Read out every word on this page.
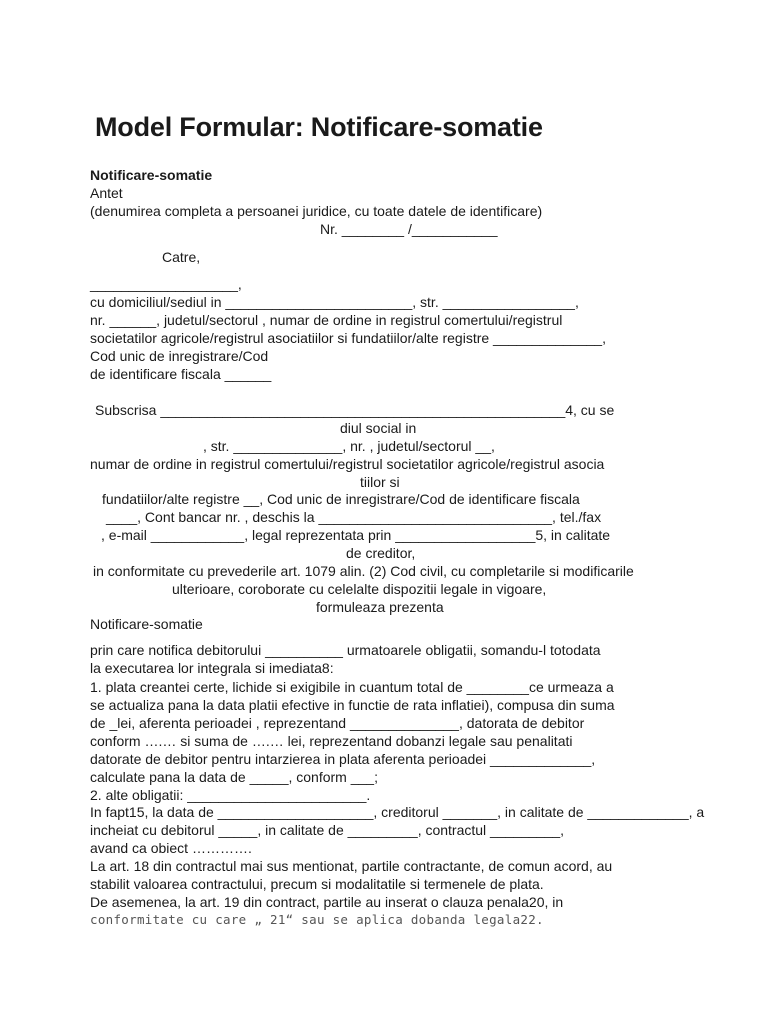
Model Formular: Notificare-somatie
Notificare-somatie
Antet
(denumirea completa a persoanei juridice, cu toate datele de identificare)
Nr. ________ /___________
Catre,
___________________,
cu domiciliul/sediul in ________________________, str. _________________,
nr. ______, judetul/sectorul , numar de ordine in registrul comertului/registrul
societatilor agricole/registrul asociatiilor si fundatiilor/alte registre ______________,
Cod unic de inregistrare/Cod
de identificare fiscala ______
Subscrisa ____________________________________________________4, cu se
diul social in
, str. ______________, nr. , judetul/sectorul __,
numar de ordine in registrul comertului/registrul societatilor agricole/registrul asocia
tiilor si
fundatiilor/alte registre __, Cod unic de inregistrare/Cod de identificare fiscala
____, Cont bancar nr. , deschis la ______________________________, tel./fax
, e-mail ____________, legal reprezentata prin __________________5, in calitate
de creditor,
in conformitate cu prevederile art. 1079 alin. (2) Cod civil, cu completarile si modificarile
ulterioare, coroborate cu celelalte dispozitii legale in vigoare,
formuleaza prezenta
Notificare-somatie
prin care notifica debitorului __________ urmatoarele obligatii, somandu-l totodata
la executarea lor integrala si imediata8:
1. plata creantei certe, lichide si exigibile in cuantum total de ________ce urmeaza a
se actualiza pana la data platii efective in functie de rata inflatiei), compusa din suma
de _lei, aferenta perioadei , reprezentand ______________, datorata de debitor
conform ….… si suma de ….… lei, reprezentand dobanzi legale sau penalitati
datorate de debitor pentru intarzierea in plata aferenta perioadei _____________,
calculate pana la data de _____, conform ___;
2. alte obligatii: _______________________.
In fapt15, la data de ____________________, creditorul _______, in calitate de _____________, a
incheiat cu debitorul _____, in calitate de _________, contractul _________,
avand ca obiect ………….
La art. 18 din contractul mai sus mentionat, partile contractante, de comun acord, au
stabilit valoarea contractului, precum si modalitatile si termenele de plata.
De asemenea, la art. 19 din contract, partile au inserat o clauza penala20, in
conformitate cu care „ 21“ sau se aplica dobanda legala22.
